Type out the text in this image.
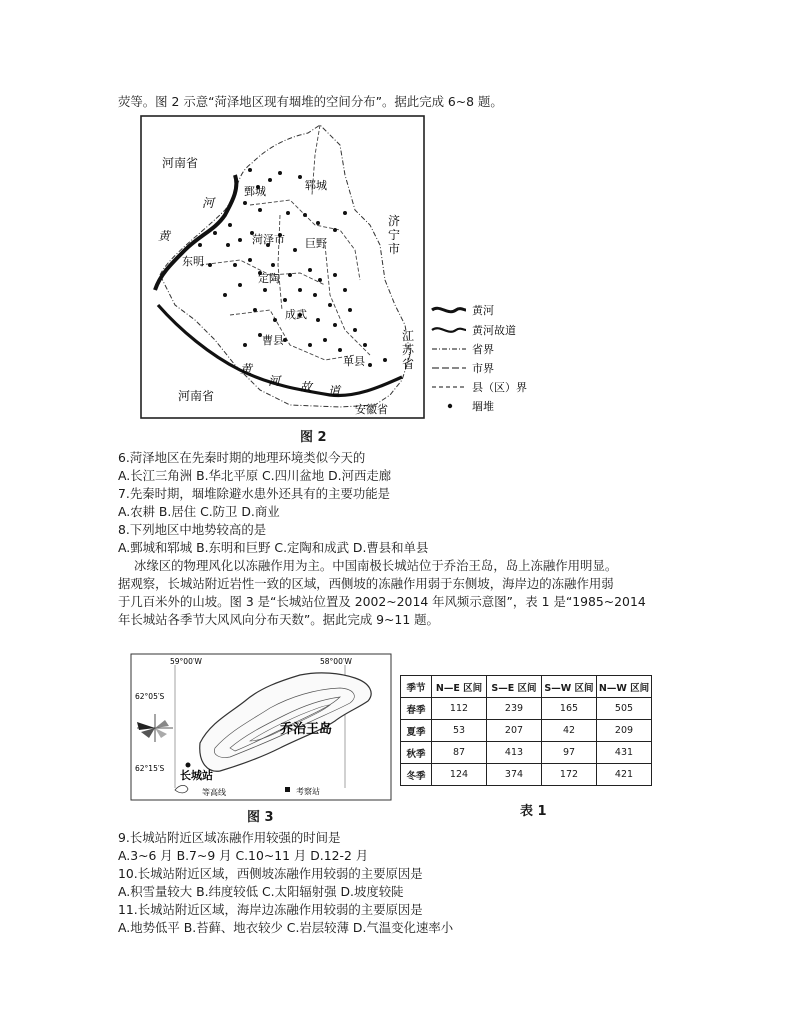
荧等。图 2 示意“菏泽地区现有堌堆的空间分布”。据此完成 6~8 题。
河南省
河
黄
鄄城	郓城
菏泽市 巨野
东明
定陶
成武
曹县
单县
黄
河 故 道
河南省
安徽省
济宁市
江苏省
黄河
黄河故道
省界
市界
县（区）界
堌堆
图 2
6.菏泽地区在先秦时期的地理环境类似今天的
A.长江三角洲 B.华北平原 C.四川盆地 D.河西走廊
7.先秦时期，堌堆除避水患外还具有的主要功能是
A.农耕 B.居住 C.防卫 D.商业
8.下列地区中地势较高的是
A.鄄城和郓城 B.东明和巨野 C.定陶和成武 D.曹县和单县
冰缘区的物理风化以冻融作用为主。中国南极长城站位于乔治王岛，岛上冻融作用明显。
据观察，长城站附近岩性一致的区域，西侧坡的冻融作用弱于东侧坡，海岸边的冻融作用弱
于几百米外的山坡。图 3 是“长城站位置及 2002~2014 年风频示意图”，表 1 是“1985~2014
年长城站各季节大风风向分布天数”。据此完成 9~11 题。
59°00′W	58°00′W
62°05′S
62°15′S
乔治王岛
长城站
等高线	考察站
图 3
季节	N—E 区间	S—E 区间	S—W 区间	N—W 区间
春季	112	239	165	505
夏季	53	207	42	209
秋季	87	413	97	431
冬季	124	374	172	421
表 1
9.长城站附近区域冻融作用较强的时间是
A.3~6 月 B.7~9 月 C.10~11 月 D.12-2 月
10.长城站附近区域，西侧坡冻融作用较弱的主要原因是
A.积雪量较大 B.纬度较低 C.太阳辐射强 D.坡度较陡
11.长城站附近区域，海岸边冻融作用较弱的主要原因是
A.地势低平 B.苔藓、地衣较少 C.岩层较薄 D.气温变化速率小
